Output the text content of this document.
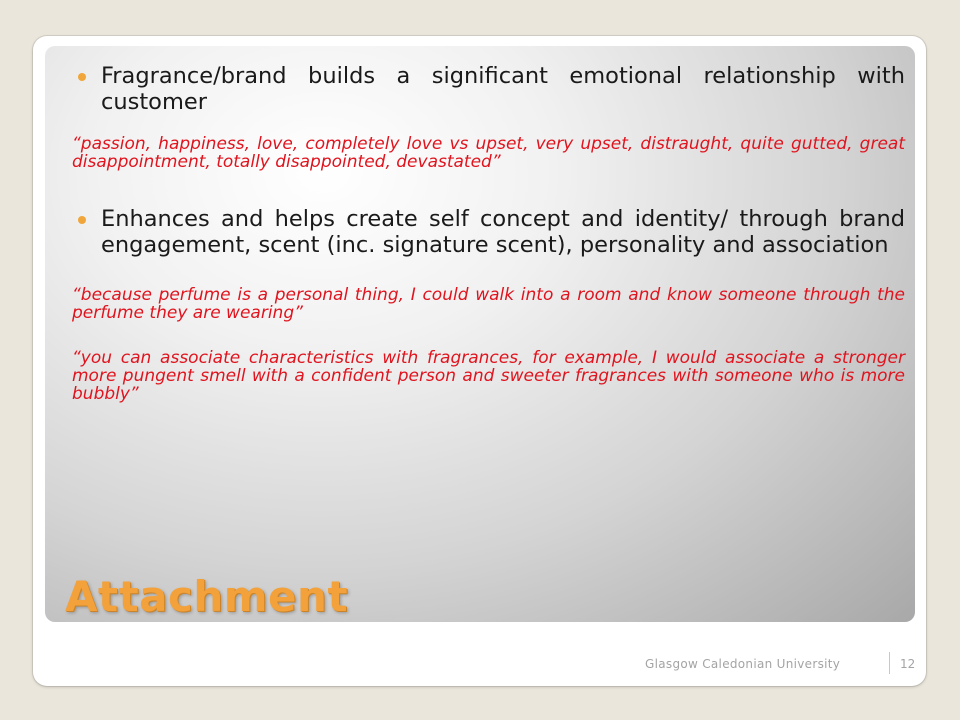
Fragrance/brand builds a significant emotional relationship with customer
“passion, happiness, love, completely love vs upset, very upset, distraught, quite gutted, great disappointment, totally disappointed, devastated”
Enhances and helps create self concept and identity/ through brand engagement, scent (inc. signature scent), personality and association
“because perfume is a personal thing, I could walk into a room and know someone through the perfume they are wearing”
“you can associate characteristics with fragrances, for example, I would associate a stronger more pungent smell with a confident person and sweeter fragrances with someone who is more bubbly”
Attachment
Glasgow Caledonian University	12
